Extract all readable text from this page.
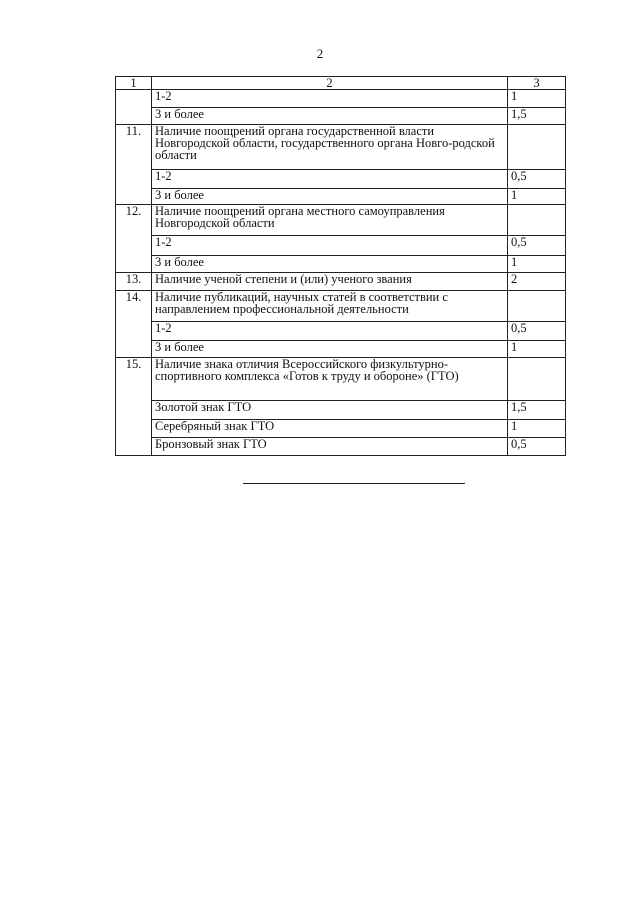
2
1	2	3
	1-2	1
	3 и более	1,5
11.	Наличие поощрений органа государственной власти Новгородской области, государственного органа Новго-родской области	
	1-2	0,5
	3 и более	1
12.	Наличие поощрений органа местного самоуправления Новгородской области	
	1-2	0,5
	3 и более	1
13.	Наличие ученой степени и (или) ученого звания	2
14.	Наличие публикаций, научных статей в соответствии с направлением профессиональной деятельности	
	1-2	0,5
	3 и более	1
15.	Наличие знака отличия Всероссийского физкультурно-спортивного комплекса «Готов к труду и обороне» (ГТО)	
	Золотой знак ГТО	1,5
	Серебряный знак ГТО	1
	Бронзовый знак ГТО	0,5
